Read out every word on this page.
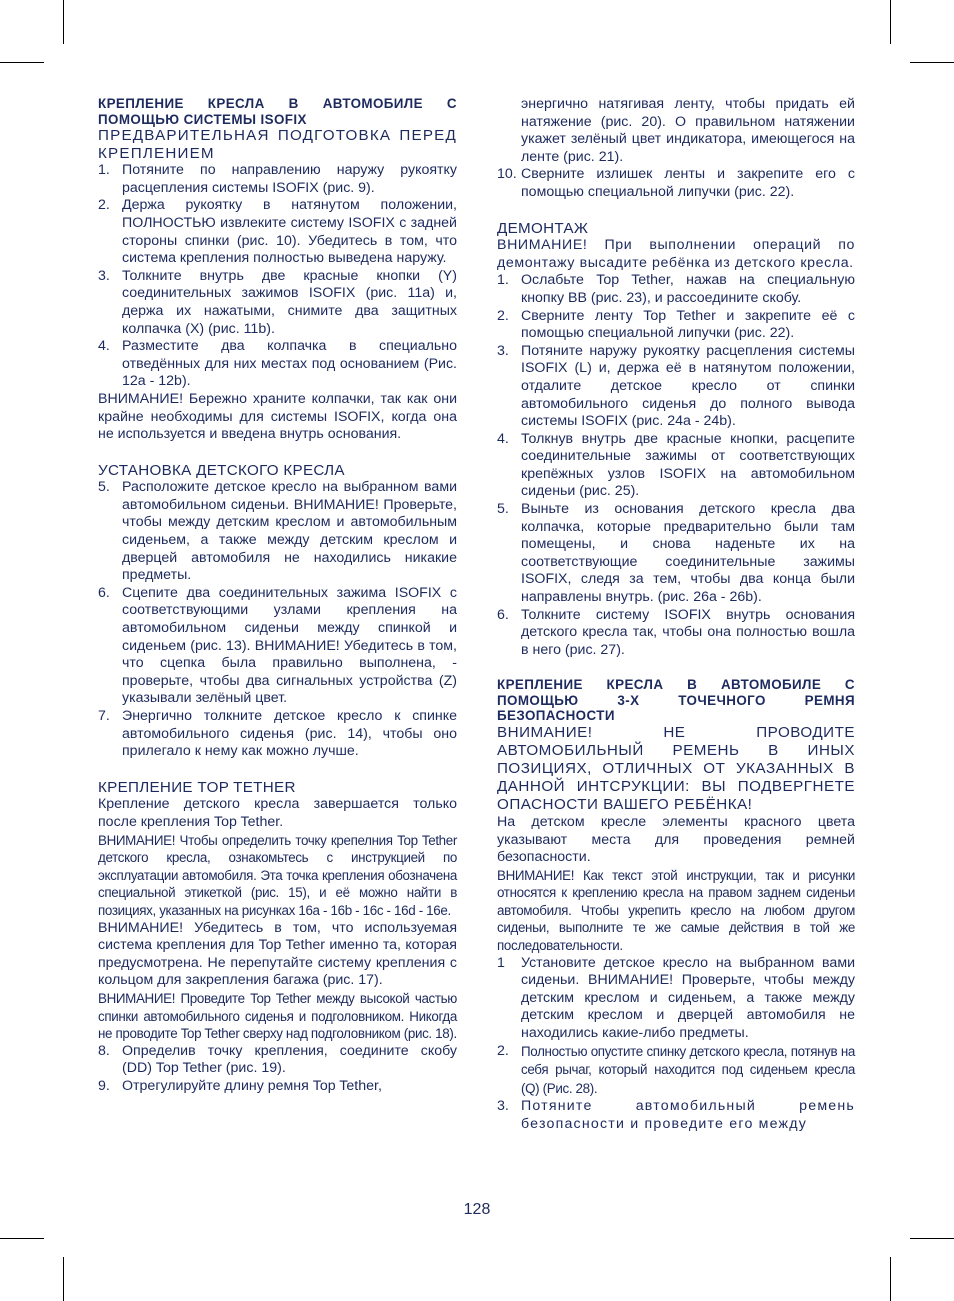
КРЕПЛЕНИЕ КРЕСЛА В АВТОМОБИЛЕ С ПОМОЩЬЮ СИСТЕМЫ ISOFIX

ПРЕДВАРИТЕЛЬНАЯ ПОДГОТОВКА ПЕРЕД КРЕПЛЕНИЕМ

1. Потяните по направлению наружу рукоятку расцепления системы ISOFIX (рис. 9).
2. Держа рукоятку в натянутом положении, ПОЛНОСТЬЮ извлеките систему ISOFIX с задней стороны спинки (рис. 10). Убедитесь в том, что система крепления полностью выведена наружу.
3. Толкните внутрь две красные кнопки (Y) соединительных зажимов ISOFIX (рис. 11a) и, держа их нажатыми, снимите два защитных колпачка (X) (рис. 11b).
4. Разместите два колпачка в специально отведённых для них местах под основанием (Рис. 12a - 12b).

ВНИМАНИЕ! Бережно храните колпачки, так как они крайне необходимы для системы ISOFIX, когда она не используется и введена внутрь основания.

УСТАНОВКА ДЕТСКОГО КРЕСЛА

5. Расположите детское кресло на выбранном вами автомобильном сиденьи. ВНИМАНИЕ! Проверьте, чтобы между детским креслом и автомобильным сиденьем, а также между детским креслом и дверцей автомобиля не находились никакие предметы.
6. Сцепите два соединительных зажима ISOFIX с соответствующими узлами крепления на автомобильном сиденьи между спинкой и сиденьем (рис. 13). ВНИМАНИЕ! Убедитесь в том, что сцепка была правильно выполнена, - проверьте, чтобы два сигнальных устройства (Z) указывали зелёный цвет.
7. Энергично толкните детское кресло к спинке автомобильного сиденья (рис. 14), чтобы оно прилегало к нему как можно лучше.

КРЕПЛЕНИЕ TOP TETHER

Крепление детского кресла завершается только после крепления Top Tether.

ВНИМАНИЕ! Чтобы определить точку крепелния Top Tether детского кресла, ознакомьтесь с инструкцией по эксплуатации автомобиля. Эта точка крепления обозначена специальной этикеткой (рис. 15), и её можно найти в позициях, указанных на рисунках 16a - 16b - 16c - 16d - 16e.

ВНИМАНИЕ! Убедитесь в том, что используемая система крепления для Top Tether именно та, которая предусмотрена. Не перепутайте систему крепления с кольцом для закрепления багажа (рис. 17).

ВНИМАНИЕ! Проведите Top Tether между высокой частью спинки автомобильного сиденья и подголовником. Никогда не проводите Top Tether сверху над подголовником (рис. 18).

8. Определив точку крепления, соедините скобу (DD) Top Tether (рис. 19).
9. Отрегулируйте длину ремня Top Tether,
энергично натягивая ленту, чтобы придать ей натяжение (рис. 20). О правильном натяжении укажет зелёный цвет индикатора, имеющегося на ленте (рис. 21).
10. Сверните излишек ленты и закрепите его с помощью специальной липучки (рис. 22).

ДЕМОНТАЖ

ВНИМАНИЕ! При выполнении операций по демонтажу высадите ребёнка из детского кресла.

1. Ослабьте Top Tether, нажав на специальную кнопку BB (рис. 23), и рассоедините скобу.
2. Сверните ленту Top Tether и закрепите её с помощью специальной липучки (рис. 22).
3. Потяните наружу рукоятку расцепления системы ISOFIX (L) и, держа её в натянутом положении, отдалите детское кресло от спинки автомобильного сиденья до полного вывода системы ISOFIX (рис. 24a - 24b).
4. Толкнув внутрь две красные кнопки, расцепите соединительные зажимы от соответствующих крепёжных узлов ISOFIX на автомобильном сиденьи (рис. 25).
5. Выньте из основания детского кресла два колпачка, которые предварительно были там помещены, и снова наденьте их на соответствующие соединительные зажимы ISOFIX, следя за тем, чтобы два конца были направлены внутрь. (рис. 26a - 26b).
6. Толкните систему ISOFIX внутрь основания детского кресла так, чтобы она полностью вошла в него (рис. 27).

КРЕПЛЕНИЕ КРЕСЛА В АВТОМОБИЛЕ С ПОМОЩЬЮ 3-Х ТОЧЕЧНОГО РЕМНЯ БЕЗОПАСНОСТИ

ВНИМАНИЕ! НЕ ПРОВОДИТЕ АВТОМОБИЛЬНЫЙ РЕМЕНЬ В ИНЫХ ПОЗИЦИЯХ, ОТЛИЧНЫХ ОТ УКАЗАННЫХ В ДАННОЙ ИНТСРУКЦИИ: ВЫ ПОДВЕРГНЕТЕ ОПАСНОСТИ ВАШЕГО РЕБЁНКА!

На детском кресле элементы красного цвета указывают места для проведения ремней безопасности.

ВНИМАНИЕ! Как текст этой инструкции, так и рисунки относятся к креплению кресла на правом заднем сиденьи автомобиля. Чтобы укрепить кресло на любом другом сиденьи, выполните те же самые действия в той же последовательности.

1 Установите детское кресло на выбранном вами сиденьи. ВНИМАНИЕ! Проверьте, чтобы между детским креслом и сиденьем, а также между детским креслом и дверцей автомобиля не находились какие-либо предметы.
2. Полностью опустите спинку детского кресла, потянув на себя рычаг, который находится под сиденьем кресла (Q) (Рис. 28).
3. Потяните автомобильный ремень безопасности и проведите его между
128
